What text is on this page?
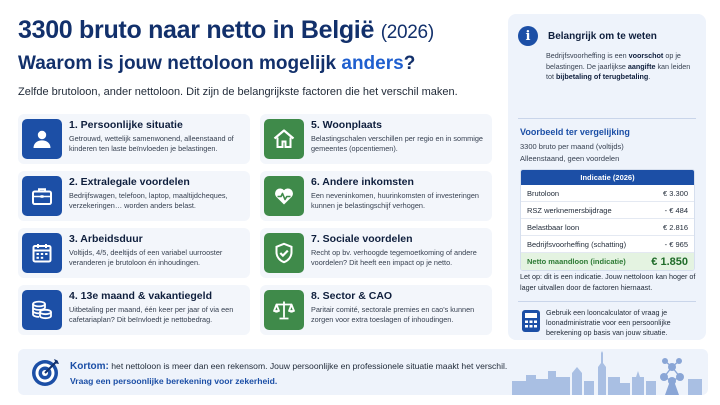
3300 bruto naar netto in België (2026)
Waarom is jouw nettoloon mogelijk anders?
Zelfde brutoloon, ander nettoloon. Dit zijn de belangrijkste factoren die het verschil maken.
1. Persoonlijke situatie
Getrouwd, wettelijk samenwonend, alleenstaand of kinderen ten laste beïnvloeden je belastingen.
5. Woonplaats
Belastingschalen verschillen per regio en in sommige gemeentes (opcentiemen).
2. Extralegale voordelen
Bedrijfswagen, telefoon, laptop, maaltijdcheques, verzekeringen… worden anders belast.
6. Andere inkomsten
Een neveninkomen, huurinkomsten of investeringen kunnen je belastingschijf verhogen.
3. Arbeidsduur
Voltijds, 4/5, deeltijds of een variabel uurrooster veranderen je brutoloon én inhoudingen.
7. Sociale voordelen
Recht op bv. verhoogde tegemoetkoming of andere voordelen? Dit heeft een impact op je netto.
4. 13e maand & vakantiegeld
Uitbetaling per maand, één keer per jaar of via een cafetariaplan? Dit beïnvloedt je nettobedrag.
8. Sector & CAO
Paritair comité, sectorale premies en cao's kunnen zorgen voor extra toeslagen of inhoudingen.
i	Belangrijk om te weten
Bedrijfsvoorheffing is een voorschot op je belastingen. De jaarlijkse aangifte kan leiden tot bijbetaling of terugbetaling.
Voorbeeld ter vergelijking
3300 bruto per maand (voltijds)
Alleenstaand, geen voordelen
Indicatie (2026)
Brutoloon	€ 3.300
RSZ werknemersbijdrage	- € 484
Belastbaar loon	€ 2.816
Bedrijfsvoorheffing (schatting)	- € 965
Netto maandloon (indicatie) € 1.850
Let op: dit is een indicatie. Jouw nettoloon kan hoger of lager uitvallen door de factoren hiernaast.
Gebruik een looncalculator of vraag je loonadministratie voor een persoonlijke berekening op basis van jouw situatie.
Kortom: het nettoloon is meer dan een rekensom. Jouw persoonlijke en professionele situatie maakt het verschil.
Vraag een persoonlijke berekening voor zekerheid.
